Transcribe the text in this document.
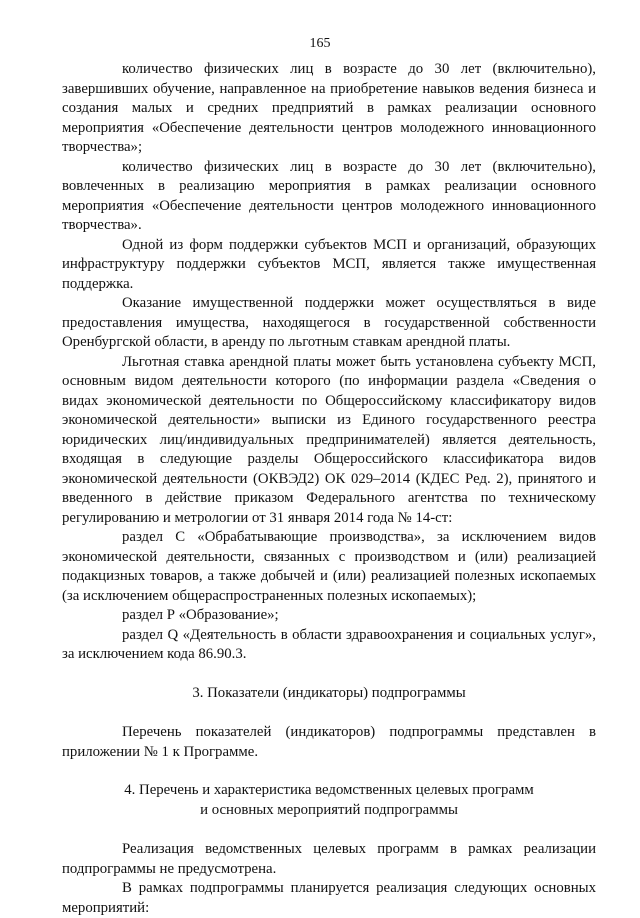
165

количество физических лиц в возрасте до 30 лет (включительно), завершивших обучение, направленное на приобретение навыков ведения бизнеса и создания малых и средних предприятий в рамках реализации основного мероприятия «Обеспечение деятельности центров молодежного инновационного творчества»;

количество физических лиц в возрасте до 30 лет (включительно), вовлеченных в реализацию мероприятия в рамках реализации основного мероприятия «Обеспечение деятельности центров молодежного инновационного творчества».

Одной из форм поддержки субъектов МСП и организаций, образующих инфраструктуру поддержки субъектов МСП, является также имущественная поддержка.

Оказание имущественной поддержки может осуществляться в виде предоставления имущества, находящегося в государственной собственности Оренбургской области, в аренду по льготным ставкам арендной платы.

Льготная ставка арендной платы может быть установлена субъекту МСП, основным видом деятельности которого (по информации раздела «Сведения о видах экономической деятельности по Общероссийскому классификатору видов экономической деятельности» выписки из Единого государственного реестра юридических лиц/индивидуальных предпринимателей) является деятельность, входящая в следующие разделы Общероссийского классификатора видов экономической деятельности (ОКВЭД2) ОК 029–2014 (КДЕС Ред. 2), принятого и введенного в действие приказом Федерального агентства по техническому регулированию и метрологии от 31 января 2014 года № 14-ст:

раздел С «Обрабатывающие производства», за исключением видов экономической деятельности, связанных с производством и (или) реализацией подакцизных товаров, а также добычей и (или) реализацией полезных ископаемых (за исключением общераспространенных полезных ископаемых);

раздел Р «Образование»;

раздел Q «Деятельность в области здравоохранения и социальных услуг», за исключением кода 86.90.3.

3. Показатели (индикаторы) подпрограммы

Перечень показателей (индикаторов) подпрограммы представлен в приложении № 1 к Программе.

4. Перечень и характеристика ведомственных целевых программ

и основных мероприятий подпрограммы

Реализация ведомственных целевых программ в рамках реализации подпрограммы не предусмотрена.

В рамках подпрограммы планируется реализация следующих основных мероприятий:
